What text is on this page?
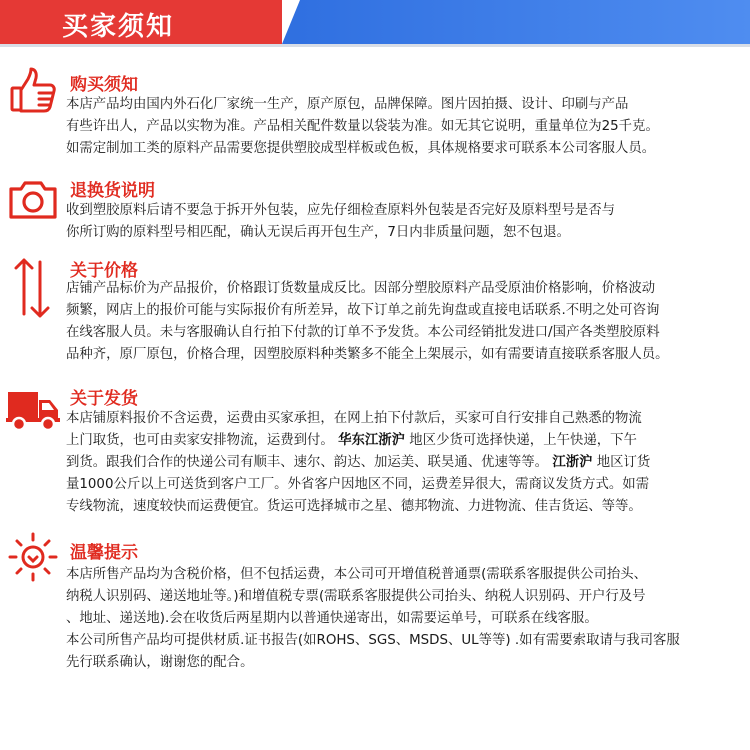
买家须知
购买须知
本店产品均由国内外石化厂家统一生产，原产原包，品牌保障。图片因拍摄、设计、印刷与产品
有些许出人，产品以实物为准。产品相关配件数量以袋装为准。如无其它说明，重量单位为25千克。
如需定制加工类的原料产品需要您提供塑胶成型样板或色板，具体规格要求可联系本公司客服人员。
退换货说明
收到塑胶原料后请不要急于拆开外包装，应先仔细检查原料外包装是否完好及原料型号是否与
你所订购的原料型号相匹配，确认无误后再开包生产，7日内非质量问题，恕不包退。
关于价格
店铺产品标价为产品报价，价格跟订货数量成反比。因部分塑胶原料产品受原油价格影响，价格波动
频繁，网店上的报价可能与实际报价有所差异，故下订单之前先询盘或直接电话联系.不明之处可咨询
在线客服人员。未与客服确认自行拍下付款的订单不予发货。本公司经销批发进口/国产各类塑胶原料
品种齐，原厂原包，价格合理，因塑胶原料种类繁多不能全上架展示，如有需要请直接联系客服人员。
关于发货
本店铺原料报价不含运费，运费由买家承担，在网上拍下付款后，买家可自行安排自己熟悉的物流
上门取货，也可由卖家安排物流，运费到付。 华东江浙沪 地区少货可选择快递，上午快递，下午
到货。跟我们合作的快递公司有顺丰、速尔、韵达、加运美、联昊通、优速等等。 江浙沪 地区订货
量1000公斤以上可送货到客户工厂。外省客户因地区不同，运费差异很大，需商议发货方式。如需
专线物流，速度较快而运费便宜。货运可选择城市之星、德邦物流、力进物流、佳吉货运、等等。
温馨提示
本店所售产品均为含税价格，但不包括运费，本公司可开增值税普通票(需联系客服提供公司抬头、
纳税人识别码、递送地址等。)和增值税专票(需联系客服提供公司抬头、纳税人识别码、开户行及号
、地址、递送地).会在收货后两星期内以普通快递寄出，如需要运单号，可联系在线客服。
本公司所售产品均可提供材质.证书报告(如ROHS、SGS、MSDS、UL等等) .如有需要索取请与我司客服
先行联系确认，谢谢您的配合。
